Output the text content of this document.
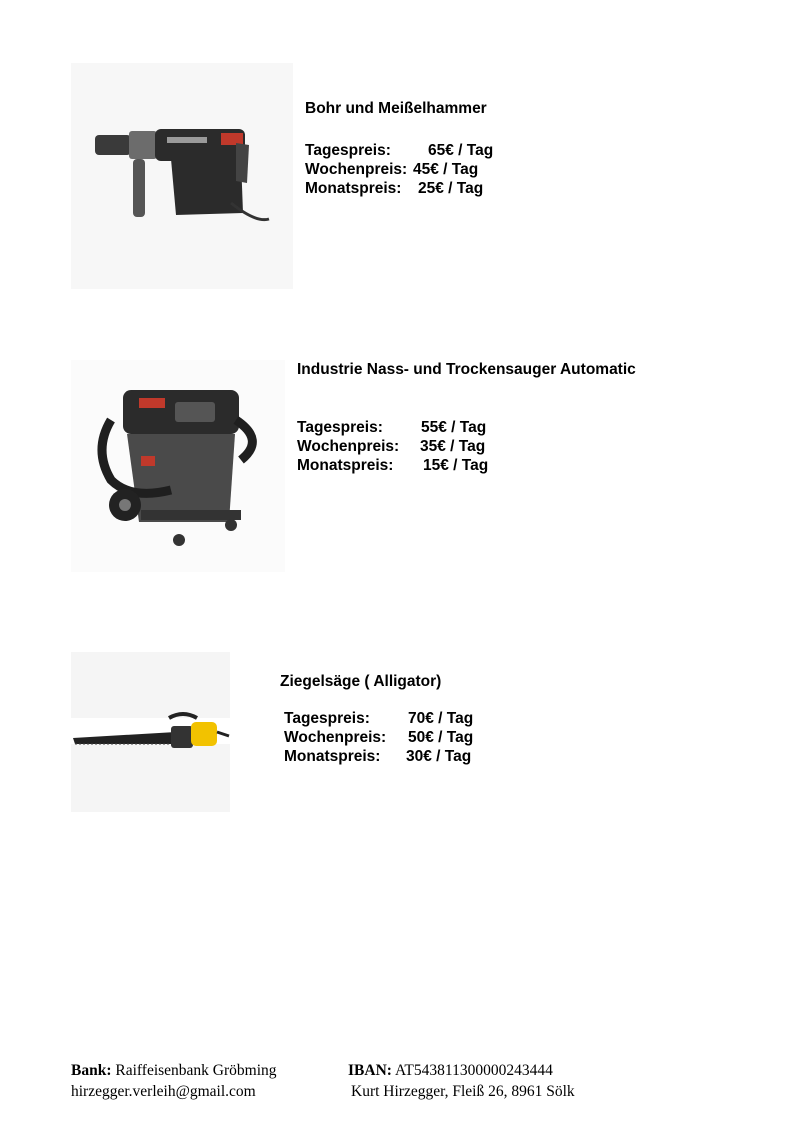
Bohr und Meißelhammer
Tagespreis:	65€ / Tag
Wochenpreis: 45€ / Tag
Monatspreis:	25€ / Tag
Industrie Nass- und Trockensauger Automatic
Tagespreis:	55€ / Tag
Wochenpreis:	35€ / Tag
Monatspreis:	15€ / Tag
Ziegelsäge ( Alligator)
Tagespreis:	70€ / Tag
Wochenpreis:	50€ / Tag
Monatspreis:	30€ / Tag
Bank: Raiffeisenbank Gröbming
hirzegger.verleih@gmail.com
IBAN: AT543811300000243444
Kurt Hirzegger, Fleiß 26, 8961 Sölk
